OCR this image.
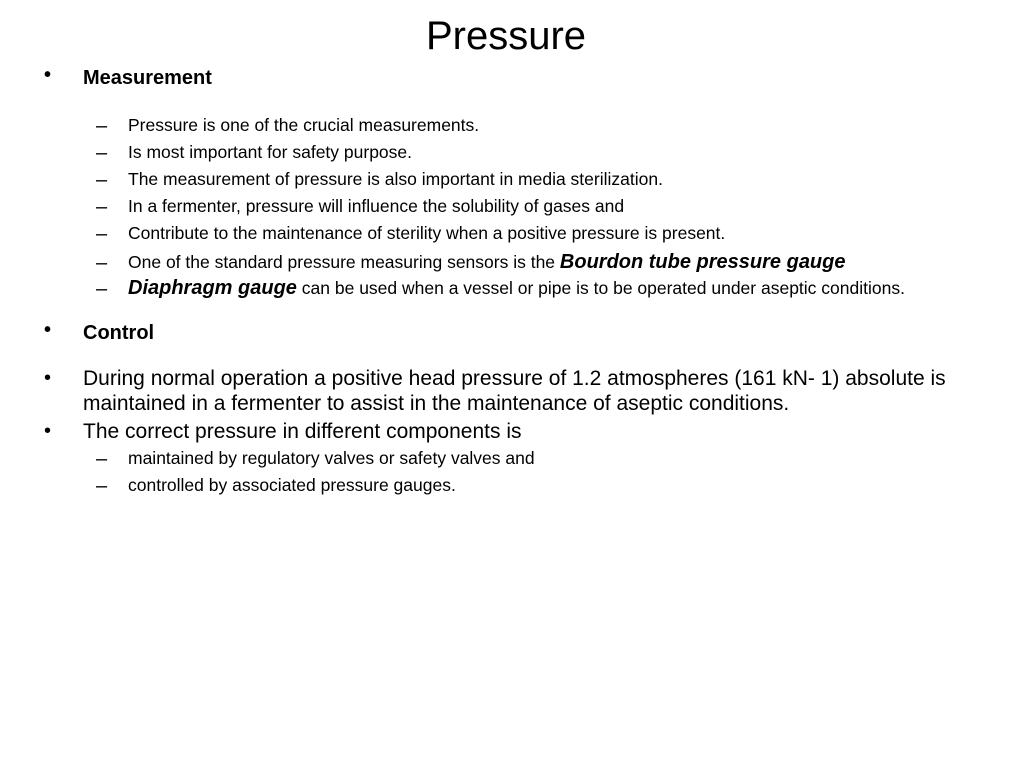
Pressure
• Measurement
– Pressure is one of the crucial measurements.
– Is most important for safety purpose.
– The measurement of pressure is also important in media sterilization.
– In a fermenter, pressure will influence the solubility of gases and
– Contribute to the maintenance of sterility when a positive pressure is present.
– One of the standard pressure measuring sensors is the Bourdon tube pressure gauge
– Diaphragm gauge can be used when a vessel or pipe is to be operated under aseptic conditions.
• Control
• During normal operation a positive head pressure of 1.2 atmospheres (161 kN- 1) absolute is maintained in a fermenter to assist in the maintenance of aseptic conditions.
• The correct pressure in different components is
– maintained by regulatory valves or safety valves and
– controlled by associated pressure gauges.
